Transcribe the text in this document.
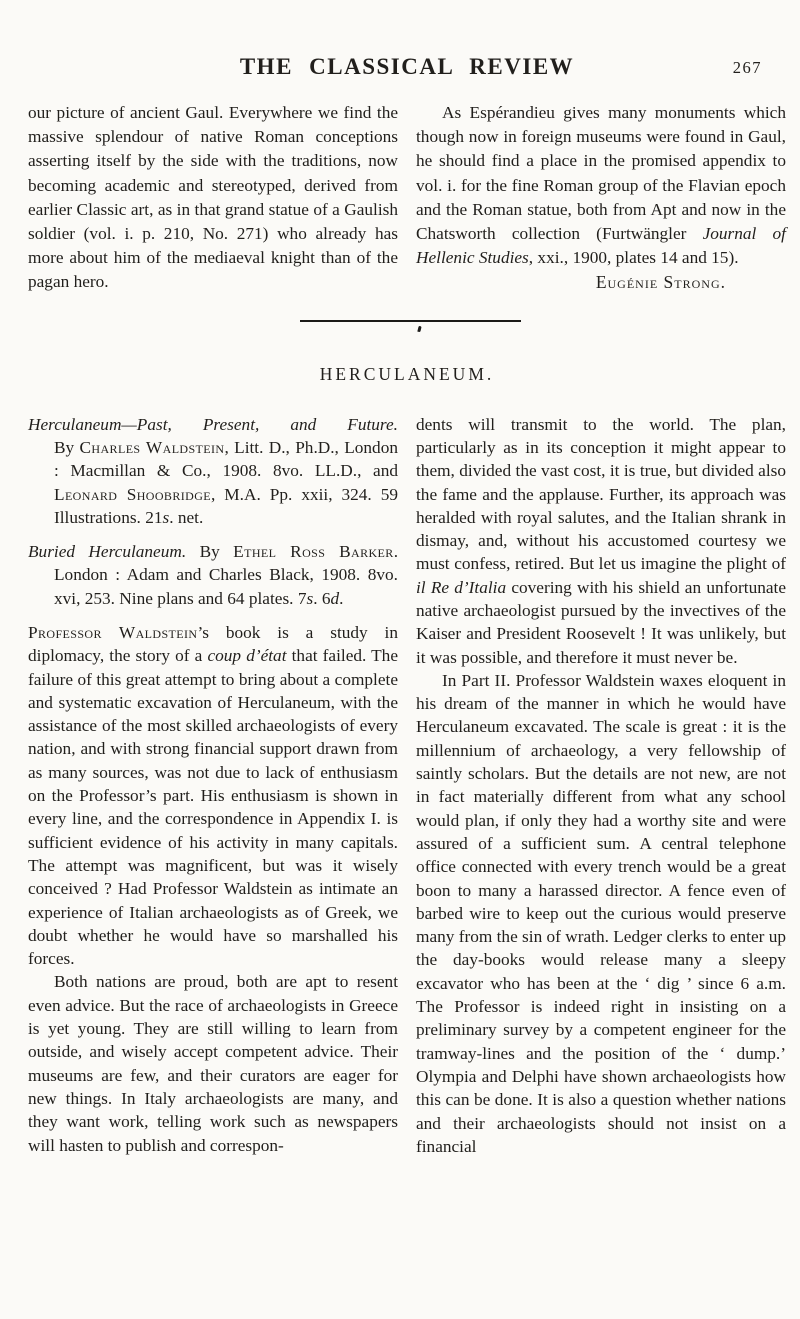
THE CLASSICAL REVIEW	267

our picture of ancient Gaul. Everywhere we find the massive splendour of native Roman conceptions asserting itself by the side with the traditions, now becoming academic and stereotyped, derived from earlier Classic art, as in that grand statue of a Gaulish soldier (vol. i. p. 210, No. 271) who already has more about him of the mediaeval knight than of the pagan hero.

As Espérandieu gives many monuments which though now in foreign museums were found in Gaul, he should find a place in the promised appendix to vol. i. for the fine Roman group of the Flavian epoch and the Roman statue, both from Apt and now in the Chatsworth collection (Furtwängler Journal of Hellenic Studies, xxi., 1900, plates 14 and 15).

Eugénie Strong.
HERCULANEUM.
Herculaneum—Past, Present, and Future.
By Charles Waldstein, Litt. D., Ph.D., London : Macmillan & Co., 1908. 8vo. LL.D., and Leonard Shoobridge, M.A. Pp. xxii, 324. 59 Illustrations. 21s. net.
Buried Herculaneum. By Ethel Ross Barker. London : Adam and Charles Black, 1908. 8vo. xvi, 253. Nine plans and 64 plates. 7s. 6d.

Professor Waldstein’s book is a study in diplomacy, the story of a coup d’état that failed. The failure of this great attempt to bring about a complete and systematic excavation of Herculaneum, with the assistance of the most skilled archaeologists of every nation, and with strong financial support drawn from as many sources, was not due to lack of enthusiasm on the Professor’s part. His enthusiasm is shown in every line, and the correspondence in Appendix I. is sufficient evidence of his activity in many capitals. The attempt was magnificent, but was it wisely conceived ? Had Professor Waldstein as intimate an experience of Italian archaeologists as of Greek, we doubt whether he would have so marshalled his forces.

Both nations are proud, both are apt to resent even advice. But the race of archaeologists in Greece is yet young. They are still willing to learn from outside, and wisely accept competent advice. Their museums are few, and their curators are eager for new things. In Italy archaeologists are many, and they want work, telling work such as newspapers will hasten to publish and correspon-

dents will transmit to the world. The plan, particularly as in its conception it might appear to them, divided the vast cost, it is true, but divided also the fame and the applause. Further, its approach was heralded with royal salutes, and the Italian shrank in dismay, and, without his accustomed courtesy we must confess, retired. But let us imagine the plight of il Re d’Italia covering with his shield an unfortunate native archaeologist pursued by the invectives of the Kaiser and President Roosevelt ! It was unlikely, but it was possible, and therefore it must never be.

In Part II. Professor Waldstein waxes eloquent in his dream of the manner in which he would have Herculaneum excavated. The scale is great : it is the millennium of archaeology, a very fellowship of saintly scholars. But the details are not new, are not in fact materially different from what any school would plan, if only they had a worthy site and were assured of a sufficient sum. A central telephone office connected with every trench would be a great boon to many a harassed director. A fence even of barbed wire to keep out the curious would preserve many from the sin of wrath. Ledger clerks to enter up the day-books would release many a sleepy excavator who has been at the ‘ dig ’ since 6 a.m. The Professor is indeed right in insisting on a preliminary survey by a competent engineer for the tramway-lines and the position of the ‘ dump.’ Olympia and Delphi have shown archaeologists how this can be done. It is also a question whether nations and their archaeologists should not insist on a financial
